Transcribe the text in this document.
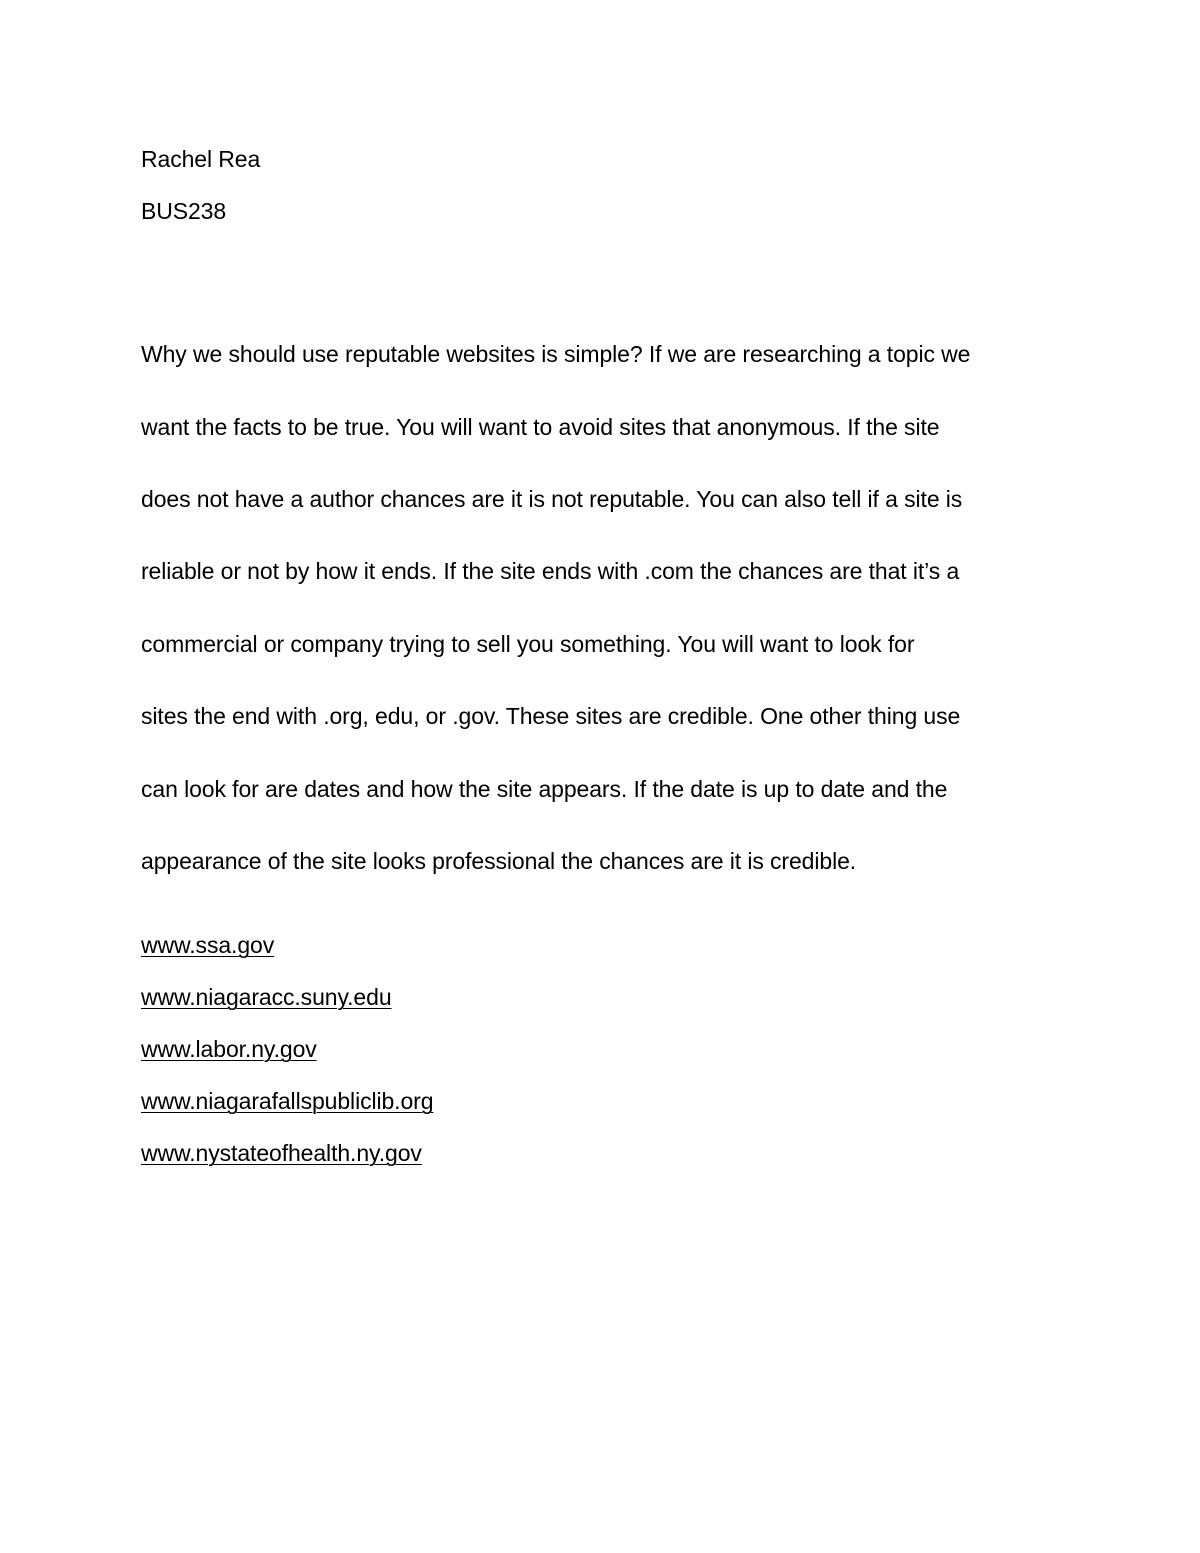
Rachel Rea

BUS238

Why we should use reputable websites is simple? If we are researching a topic we

want the facts to be true. You will want to avoid sites that anonymous. If the site

does not have a author chances are it is not reputable. You can also tell if a site is

reliable or not by how it ends. If the site ends with .com the chances are that it’s a

commercial or company trying to sell you something. You will want to look for

sites the end with .org, edu, or .gov. These sites are credible. One other thing use

can look for are dates and how the site appears. If the date is up to date and the

appearance of the site looks professional the chances are it is credible.

www.ssa.gov
www.niagaracc.suny.edu
www.labor.ny.gov
www.niagarafallspubliclib.org
www.nystateofhealth.ny.gov
